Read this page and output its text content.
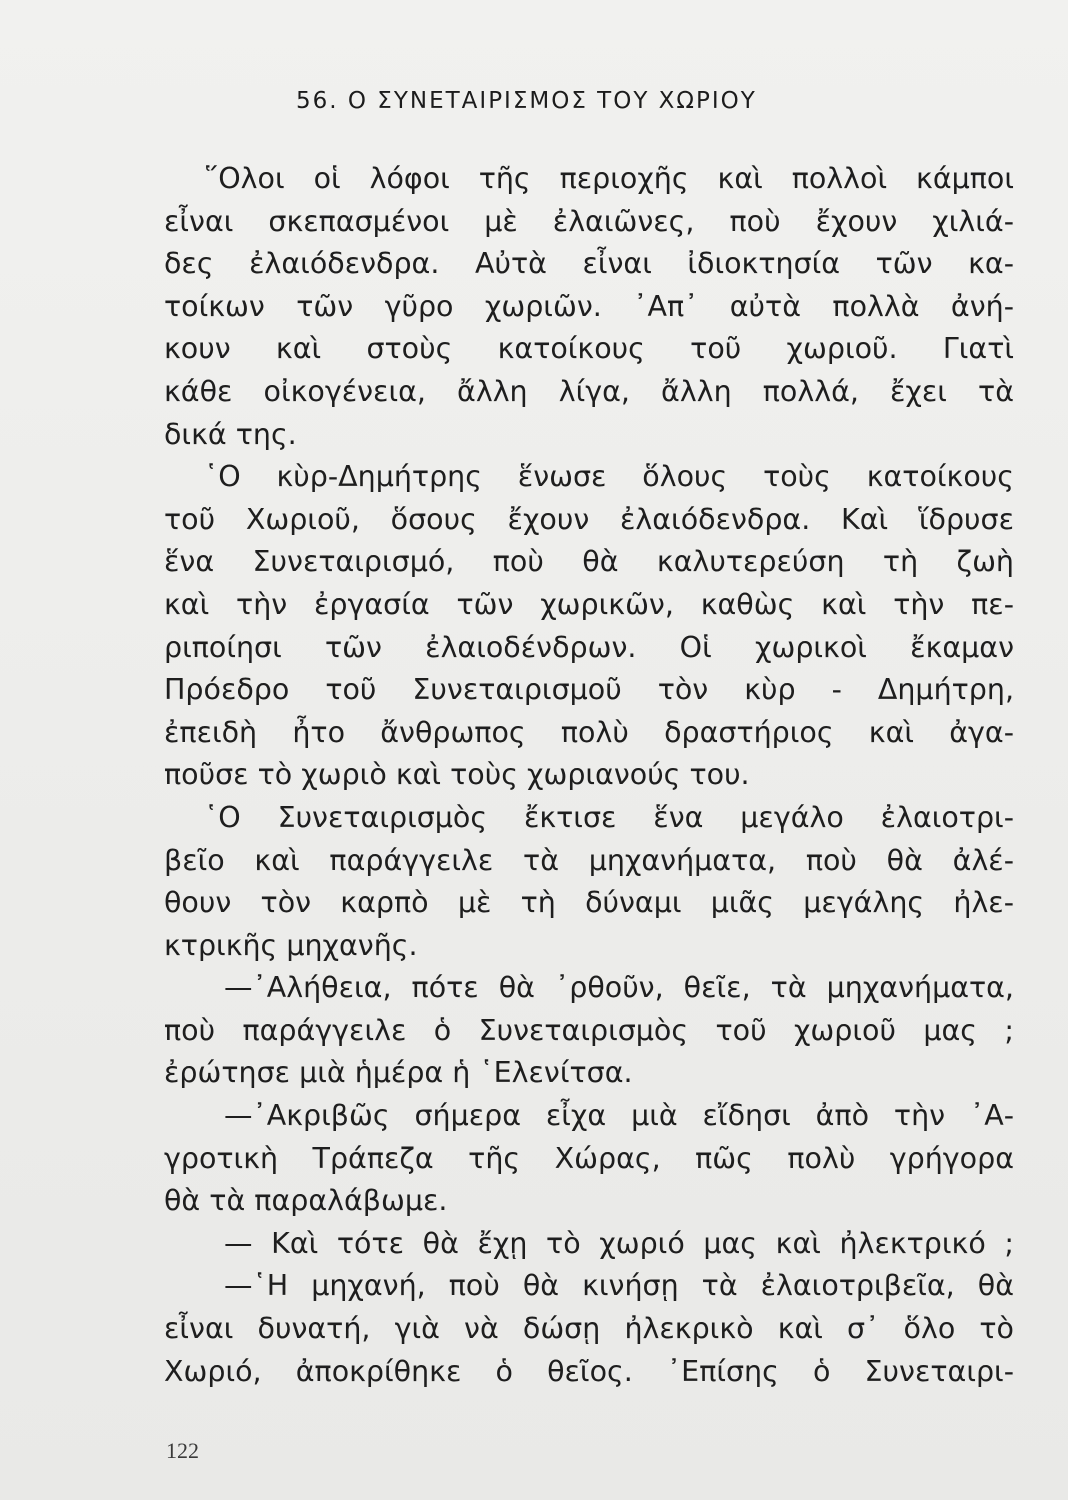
56. Ο ΣΥΝΕΤΑΙΡΙΣΜΟΣ ΤΟΥ ΧΩΡΙΟΥ
῞Ολοι οἱ λόφοι τῆς περιοχῆς καὶ πολλοὶ κάμποι
εἶναι σκεπασμένοι μὲ ἐλαιῶνες, ποὺ ἔχουν χιλιά-
δες ἐλαιόδενδρα. Αὐτὰ εἶναι ἰδιοκτησία τῶν κα-
τοίκων τῶν γῦρο χωριῶν. ᾿Απ᾿ αὐτὰ πολλὰ ἀνή-
κουν καὶ στοὺς κατοίκους τοῦ χωριοῦ. Γιατὶ
κάθε οἰκογένεια, ἄλλη λίγα, ἄλλη πολλά, ἔχει τὰ
δικά της.
῾Ο κὺρ-Δημήτρης ἕνωσε ὅλους τοὺς κατοίκους
τοῦ Χωριοῦ, ὅσους ἔχουν ἐλαιόδενδρα. Καὶ ἵδρυσε
ἕνα Συνεταιρισμό, ποὺ θὰ καλυτερεύση τὴ ζωὴ
καὶ τὴν ἐργασία τῶν χωρικῶν, καθὼς καὶ τὴν πε-
ριποίησι τῶν ἐλαιοδένδρων. Οἱ χωρικοὶ ἔκαμαν
Πρόεδρο τοῦ Συνεταιρισμοῦ τὸν κὺρ - Δημήτρη,
ἐπειδὴ ἦτο ἄνθρωπος πολὺ δραστήριος καὶ ἀγα-
ποῦσε τὸ χωριὸ καὶ τοὺς χωριανούς του.
῾Ο Συνεταιρισμὸς ἔκτισε ἕνα μεγάλο ἐλαιοτρι-
βεῖο καὶ παράγγειλε τὰ μηχανήματα, ποὺ θὰ ἀλέ-
θουν τὸν καρπὸ μὲ τὴ δύναμι μιᾶς μεγάλης ἠλε-
κτρικῆς μηχανῆς.
—᾿Αλήθεια, πότε θὰ ᾿ρθοῦν, θεῖε, τὰ μηχανήματα,
ποὺ παράγγειλε ὁ Συνεταιρισμὸς τοῦ χωριοῦ μας ;
ἐρώτησε μιὰ ἡμέρα ἡ ῾Ελενίτσα.
—᾿Ακριβῶς σήμερα εἶχα μιὰ εἴδησι ἀπὸ τὴν ᾿Α-
γροτικὴ Τράπεζα τῆς Χώρας, πῶς πολὺ γρήγορα
θὰ τὰ παραλάβωμε.
— Καὶ τότε θὰ ἔχῃ τὸ χωριό μας καὶ ἠλεκτρικό ;
—῾Η μηχανή, ποὺ θὰ κινήσῃ τὰ ἐλαιοτριβεῖα, θὰ
εἶναι δυνατή, γιὰ νὰ δώσῃ ἠλεκρικὸ καὶ σ᾿ ὅλο τὸ
Χωριό, ἀποκρίθηκε ὁ θεῖος. ᾿Επίσης ὁ Συνεταιρι-
122
